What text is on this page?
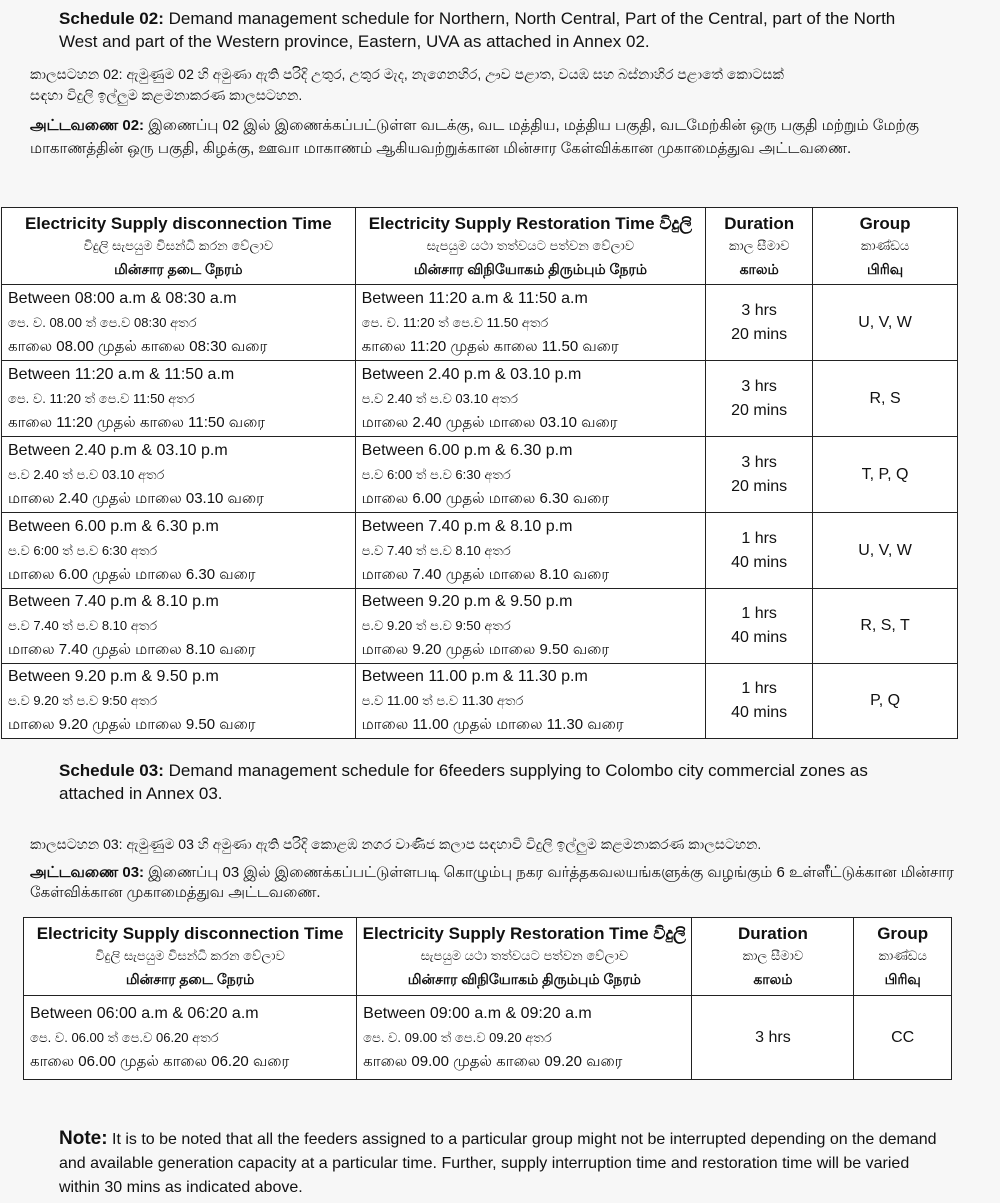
Schedule 02: Demand management schedule for Northern, North Central, Part of the Central, part of the North West and part of the Western province, Eastern, UVA as attached in Annex 02.
කාලසටහන 02: ඇමුණුම 02 හි අමුණා ඇති පරිදි උතුර, උතුර මැද, නැගෙනහිර, ඌව පළාත, වයඹ සහ බස්නාහිර පළාතේ කොටසක්
සඳහා විදුලි ඉල්ලුම කළමනාකරණ කාලසටහන.
அட்டவணை 02: இணைப்பு 02 இல் இணைக்கப்பட்டுள்ள வடக்கு, வட மத்திய, மத்திய பகுதி, வடமேற்கின் ஒரு பகுதி மற்றும் மேற்கு மாகாணத்தின் ஒரு பகுதி, கிழக்கு, ஊவா மாகாணம் ஆகியவற்றுக்கான மின்சார கேள்விக்கான முகாமைத்துவ அட்டவணை.
Electricity Supply disconnection Time
විදුලි සැපයුම විසන්ධි කරන වේලාව
மின்சார தடை நேரம்	Electricity Supply Restoration Time විදුලි
සැපයුම යථා තත්වයට පත්වන වේලාව
மின்சார விநியோகம் திரும்பும் நேரம்	Duration
කාල සීමාව
காலம்	Group
කාණ්ඩය
பிரிவு

Between 08:00 a.m & 08:30 a.m
පෙ. ව. 08.00 ත් පෙ.ව 08:30 අතර
காலை 08.00 முதல் காலை 08:30 வரை	Between 11:20 a.m & 11:50 a.m
පෙ. ව. 11:20 ත් පෙ.ව 11.50 අතර
காலை 11:20 முதல் காலை 11.50 வரை	3 hrs
20 mins	U, V, W

Between 11:20 a.m & 11:50 a.m
පෙ. ව. 11:20 ත් පෙ.ව 11:50 අතර
காலை 11:20 முதல் காலை 11:50 வரை	Between 2.40 p.m & 03.10 p.m
ප.ව 2.40 ත් ප.ව 03.10 අතර
மாலை 2.40 முதல் மாலை 03.10 வரை	3 hrs
20 mins	R, S

Between 2.40 p.m & 03.10 p.m
ප.ව 2.40 ත් ප.ව 03.10 අතර
மாலை 2.40 முதல் மாலை 03.10 வரை	Between 6.00 p.m & 6.30 p.m
ප.ව 6:00 ත් ප.ව 6:30 අතර
மாலை 6.00 முதல் மாலை 6.30 வரை	3 hrs
20 mins	T, P, Q

Between 6.00 p.m & 6.30 p.m
ප.ව 6:00 ත් ප.ව 6:30 අතර
மாலை 6.00 முதல் மாலை 6.30 வரை	Between 7.40 p.m & 8.10 p.m
ප.ව 7.40 ත් ප.ව 8.10 අතර
மாலை 7.40 முதல் மாலை 8.10 வரை	1 hrs
40 mins	U, V, W

Between 7.40 p.m & 8.10 p.m
ප.ව 7.40 ත් ප.ව 8.10 අතර
மாலை 7.40 முதல் மாலை 8.10 வரை	Between 9.20 p.m & 9.50 p.m
ප.ව 9.20 ත් ප.ව 9:50 අතර
மாலை 9.20 முதல் மாலை 9.50 வரை	1 hrs
40 mins	R, S, T

Between 9.20 p.m & 9.50 p.m
ප.ව 9.20 ත් ප.ව 9:50 අතර
மாலை 9.20 முதல் மாலை 9.50 வரை	Between 11.00 p.m & 11.30 p.m
ප.ව 11.00 ත් ප.ව 11.30 අතර
மாலை 11.00 முதல் மாலை 11.30 வரை	1 hrs
40 mins	P, Q
Schedule 03: Demand management schedule for 6feeders supplying to Colombo city commercial zones as attached in Annex 03.
කාලසටහන 03: ඇමුණුම 03 හි අමුණා ඇති පරිදි කොළඹ නගර වාණිජ කලාප සඳහාවි විදුලි ඉල්ලුම කළමනාකරණ කාලසටහන.
அட்டவணை 03: இணைப்பு 03 இல் இணைக்கப்பட்டுள்ளபடி கொழும்பு நகர வர்த்தகவலயங்களுக்கு வழங்கும் 6 உள்ளீட்டுக்கான மின்சார கேள்விக்கான முகாமைத்துவ அட்டவணை.
Electricity Supply disconnection Time
විදුලි සැපයුම විසන්ධි කරන වේලාව
மின்சார தடை நேரம்	Electricity Supply Restoration Time විදුලි
සැපයුම යථා තත්වයට පත්වන වේලාව
மின்சார விநியோகம் திரும்பும் நேரம்	Duration
කාල සීමාව
காலம்	Group
කාණ්ඩය
பிரிவு

Between 06:00 a.m & 06:20 a.m
පෙ. ව. 06.00 ත් පෙ.ව 06.20 අතර
காலை 06.00 முதல் காலை 06.20 வரை	Between 09:00 a.m & 09:20 a.m
පෙ. ව. 09.00 ත් පෙ.ව 09.20 අතර
காலை 09.00 முதல் காலை 09.20 வரை	3 hrs	CC
Note: It is to be noted that all the feeders assigned to a particular group might not be interrupted depending on the demand and available generation capacity at a particular time. Further, supply interruption time and restoration time will be varied within 30 mins as indicated above.
